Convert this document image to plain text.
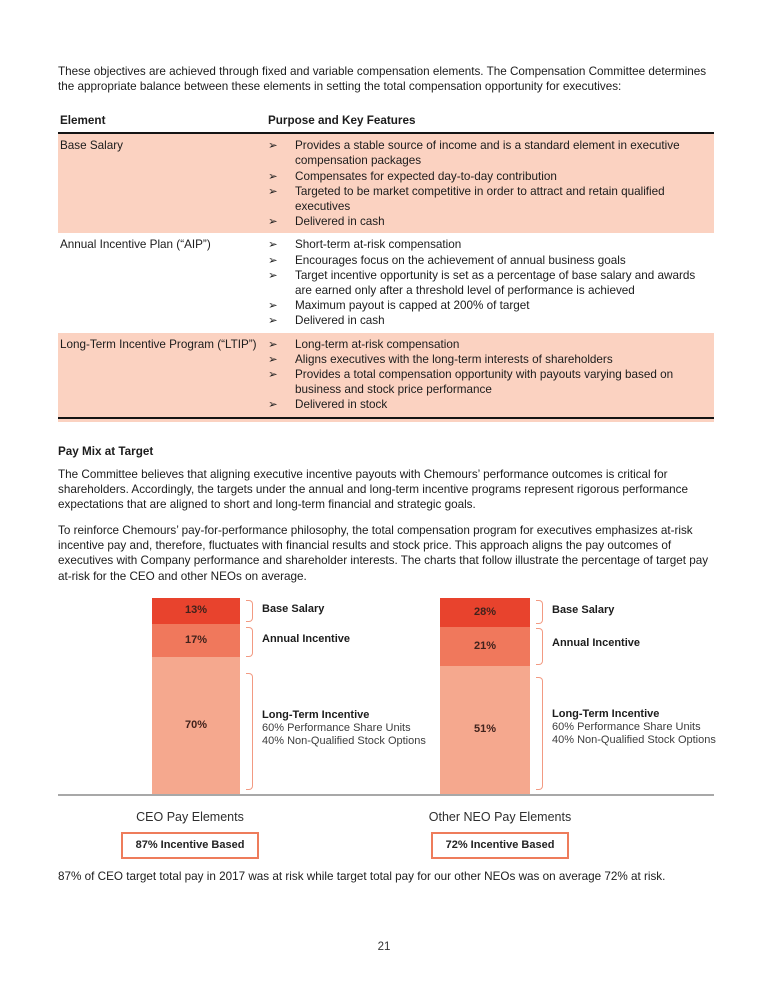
These objectives are achieved through fixed and variable compensation elements. The Compensation Committee determines the appropriate balance between these elements in setting the total compensation opportunity for executives:

Element	Purpose and Key Features
Base Salary	➢	Provides a stable source of income and is a standard element in executive compensation packages
➢	Compensates for expected day-to-day contribution
➢	Targeted to be market competitive in order to attract and retain qualified executives
➢	Delivered in cash
Annual Incentive Plan (“AIP”)	➢	Short-term at-risk compensation
➢	Encourages focus on the achievement of annual business goals
➢	Target incentive opportunity is set as a percentage of base salary and awards are earned only after a threshold level of performance is achieved
➢	Maximum payout is capped at 200% of target
➢	Delivered in cash
Long-Term Incentive Program (“LTIP”) ➢	Long-term at-risk compensation
➢	Aligns executives with the long-term interests of shareholders
➢	Provides a total compensation opportunity with payouts varying based on business and stock price performance
➢	Delivered in stock

Pay Mix at Target

The Committee believes that aligning executive incentive payouts with Chemours’ performance outcomes is critical for shareholders. Accordingly, the targets under the annual and long-term incentive programs represent rigorous performance expectations that are aligned to short and long-term financial and strategic goals.

To reinforce Chemours’ pay-for-performance philosophy, the total compensation program for executives emphasizes at-risk incentive pay and, therefore, fluctuates with financial results and stock price. This approach aligns the pay outcomes of executives with Company performance and shareholder interests. The charts that follow illustrate the percentage of target pay at-risk for the CEO and other NEOs on average.

13%
17%
70%
Base Salary
Annual Incentive
Long-Term Incentive
60% Performance Share Units
40% Non-Qualified Stock Options
28%
21%
51%
Base Salary
Annual Incentive
Long-Term Incentive
60% Performance Share Units
40% Non-Qualified Stock Options
CEO Pay Elements	Other NEO Pay Elements
87% Incentive Based	72% Incentive Based

87% of CEO target total pay in 2017 was at risk while target total pay for our other NEOs was on average 72% at risk.

21
